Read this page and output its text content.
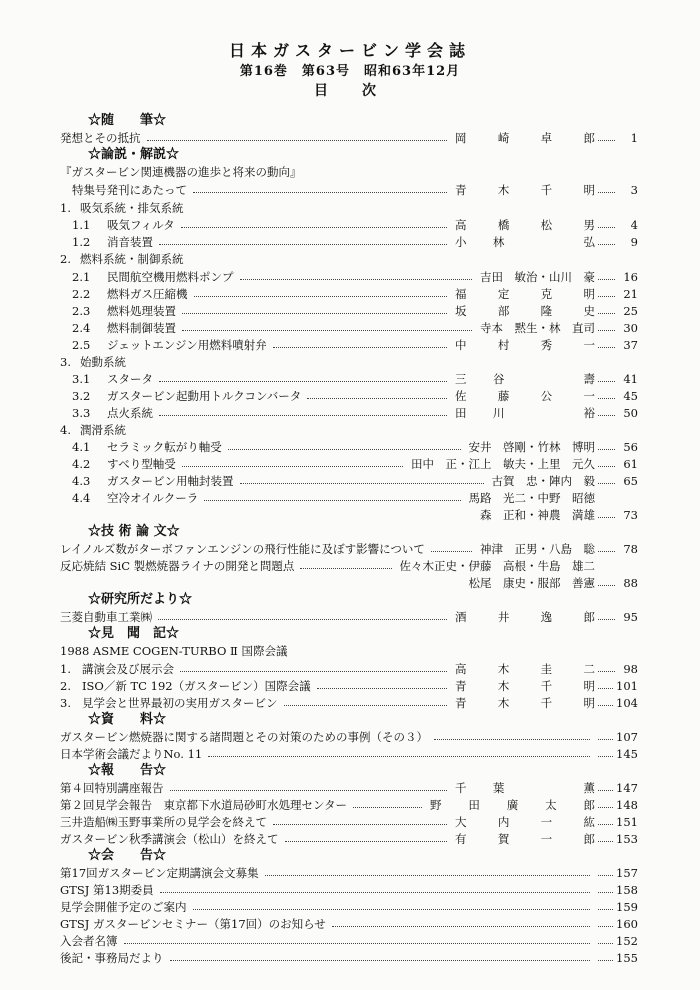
日本ガスタービン学会誌
第16巻　第63号　昭和63年12月
目　次
☆随　　筆☆
発想とその抵抗	岡	崎	卓	郎	1
☆論説・解説☆
『ガスタービン関連機器の進歩と将来の動向』
特集号発刊にあたって	青	木	千	明	3
1. 吸気系統・排気系統
1.1 吸気フィルタ	高	橋	松	男	4
1.2 消音装置	小 林	弘	9
2. 燃料系統・制御系統
2.1 民間航空機用燃料ポンプ	吉田　敏治・山川　豪	16
2.2 燃料ガス圧縮機	福	定	克	明	21
2.3 燃料処理装置	坂	部	隆	史	25
2.4 燃料制御装置	寺本　黙生・林　直司	30
2.5 ジェットエンジン用燃料噴射弁	中	村	秀	一	37
3. 始動系統
3.1 スタータ	三 谷	壽	41
3.2 ガスタービン起動用トルクコンバータ	佐	藤	公	一	45
3.3 点火系統	田 川	裕	50
4. 潤滑系統
4.1 セラミック転がり軸受	安井　啓剛・竹林　博明	56
4.2 すべり型軸受	田中　正・江上　敏夫・上里　元久	61
4.3 ガスタービン用軸封装置	古賀　忠・陣内　毅	65
4.4 空冷オイルクーラ	馬路　光二・中野　昭徳
森　正和・神農　満雄	73
☆技 術 論 文☆
レイノルズ数がターボファンエンジンの飛行性能に及ぼす影響について	神津　正男・八島　聡	78
反応焼結 SiC 製燃焼器ライナの開発と問題点	佐々木正史・伊藤　高根・牛島　雄二
松尾　康史・服部　善憲	88
☆研究所だより☆
三菱自動車工業㈱	酒	井	逸	郎	95
☆見　聞　記☆
1988 ASME COGEN-TURBO Ⅱ 国際会議
1. 講演会及び展示会	高	木	圭	二	98
2. ISO／新 TC 192（ガスタービン）国際会議	青	木	千	明 101
3. 見学会と世界最初の実用ガスタービン	青	木	千	明 104
☆資　　料☆
ガスタービン燃焼器に関する諸問題とその対策のための事例（その３）	107
日本学術会議だよりNo. 11	145
☆報　　告☆
第４回特別講座報告	千 葉	薫 147
第２回見学会報告　東京都下水道局砂町水処理センター	野 田 廣 太 郎 148
三井造船㈱玉野事業所の見学会を終えて	大	内	一	紘 151
ガスタービン秋季講演会（松山）を終えて	有	賀	一	郎 153
☆会　　告☆
第17回ガスタービン定期講演会文募集	157
GTSJ 第13期委員	158
見学会開催予定のご案内	159
GTSJ ガスタービンセミナー（第17回）のお知らせ	160
入会者名簿	152
後記・事務局だより	155
